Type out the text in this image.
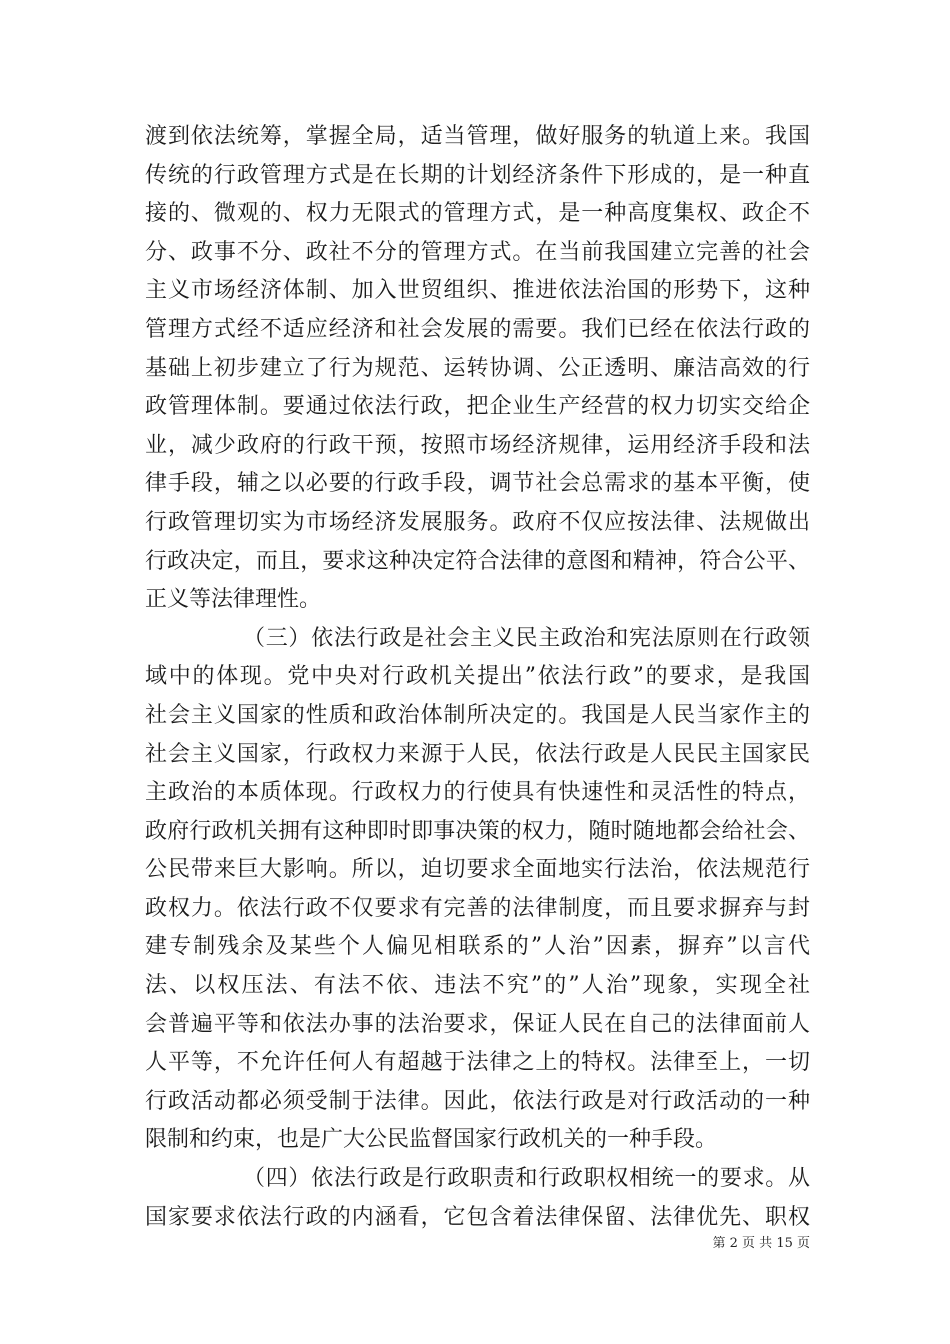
渡到依法统筹，掌握全局，适当管理，做好服务的轨道上来。我国
传统的行政管理方式是在长期的计划经济条件下形成的，是一种直
接的、微观的、权力无限式的管理方式，是一种高度集权、政企不
分、政事不分、政社不分的管理方式。在当前我国建立完善的社会
主义市场经济体制、加入世贸组织、推进依法治国的形势下，这种
管理方式经不适应经济和社会发展的需要。我们已经在依法行政的
基础上初步建立了行为规范、运转协调、公正透明、廉洁高效的行
政管理体制。要通过依法行政，把企业生产经营的权力切实交给企
业，减少政府的行政干预，按照市场经济规律，运用经济手段和法
律手段，辅之以必要的行政手段，调节社会总需求的基本平衡，使
行政管理切实为市场经济发展服务。政府不仅应按法律、法规做出
行政决定，而且，要求这种决定符合法律的意图和精神，符合公平、
正义等法律理性。
（三）依法行政是社会主义民主政治和宪法原则在行政领
域中的体现。党中央对行政机关提出”依法行政”的要求，是我国
社会主义国家的性质和政治体制所决定的。我国是人民当家作主的
社会主义国家，行政权力来源于人民，依法行政是人民民主国家民
主政治的本质体现。行政权力的行使具有快速性和灵活性的特点，
政府行政机关拥有这种即时即事决策的权力，随时随地都会给社会、
公民带来巨大影响。所以，迫切要求全面地实行法治，依法规范行
政权力。依法行政不仅要求有完善的法律制度，而且要求摒弃与封
建专制残余及某些个人偏见相联系的”人治”因素，摒弃”以言代
法、以权压法、有法不依、违法不究”的”人治”现象，实现全社
会普遍平等和依法办事的法治要求，保证人民在自己的法律面前人
人平等，不允许任何人有超越于法律之上的特权。法律至上，一切
行政活动都必须受制于法律。因此，依法行政是对行政活动的一种
限制和约束，也是广大公民监督国家行政机关的一种手段。
（四）依法行政是行政职责和行政职权相统一的要求。从
国家要求依法行政的内涵看，它包含着法律保留、法律优先、职权
第 2 页 共 15 页
